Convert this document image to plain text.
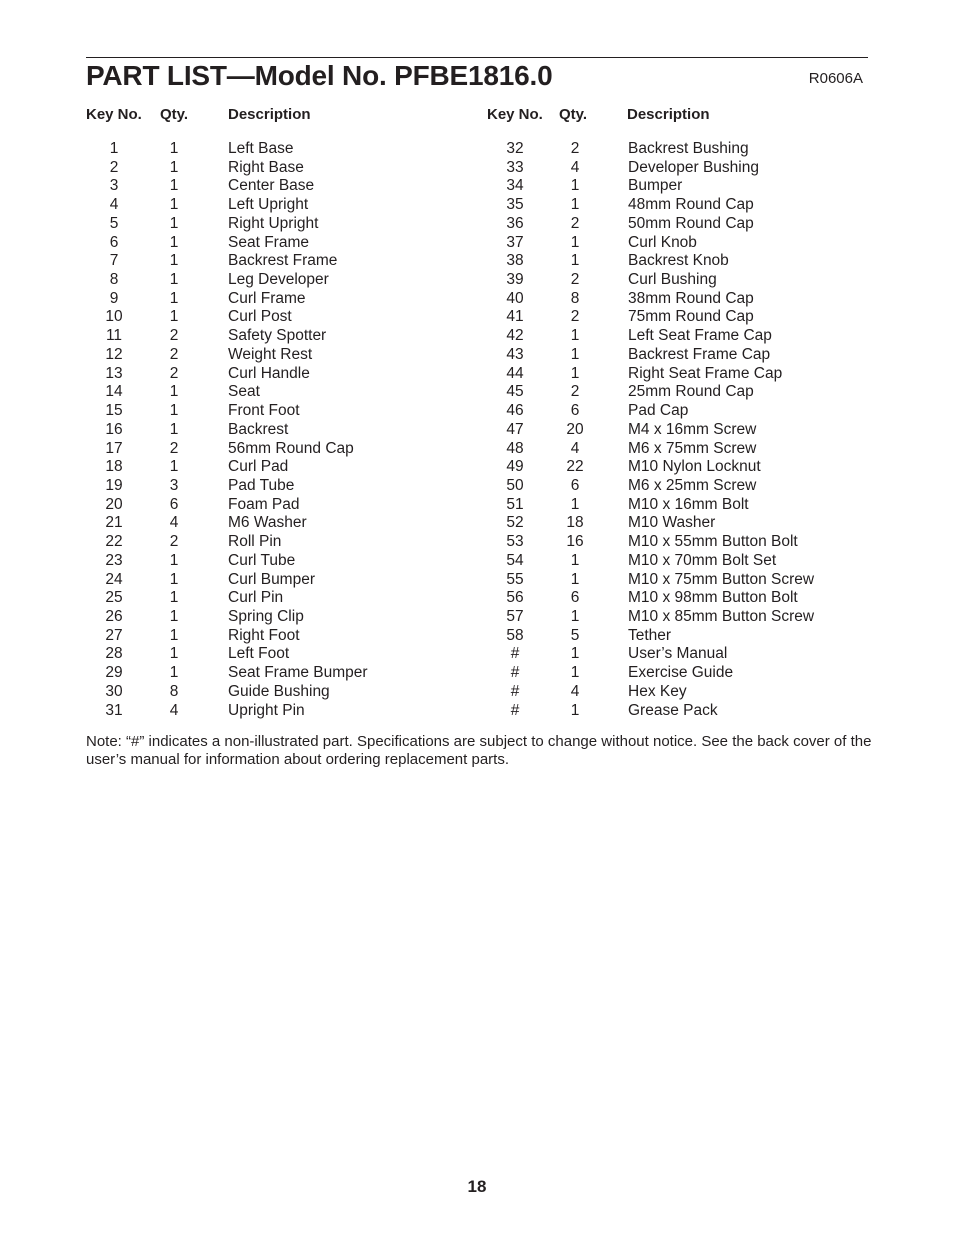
PART LIST—Model No. PFBE1816.0	R0606A
Key No. Qty.	Description	Key No. Qty.	Description
1	1	Left Base
2	1	Right Base
3	1	Center Base
4	1	Left Upright
5	1	Right Upright
6	1	Seat Frame
7	1	Backrest Frame
8	1	Leg Developer
9	1	Curl Frame
10	1	Curl Post
11	2	Safety Spotter
12	2	Weight Rest
13	2	Curl Handle
14	1	Seat
15	1	Front Foot
16	1	Backrest
17	2	56mm Round Cap
18	1	Curl Pad
19	3	Pad Tube
20	6	Foam Pad
21	4	M6 Washer
22	2	Roll Pin
23	1	Curl Tube
24	1	Curl Bumper
25	1	Curl Pin
26	1	Spring Clip
27	1	Right Foot
28	1	Left Foot
29	1	Seat Frame Bumper
30	8	Guide Bushing
31	4	Upright Pin
32	2	Backrest Bushing
33	4	Developer Bushing
34	1	Bumper
35	1	48mm Round Cap
36	2	50mm Round Cap
37	1	Curl Knob
38	1	Backrest Knob
39	2	Curl Bushing
40	8	38mm Round Cap
41	2	75mm Round Cap
42	1	Left Seat Frame Cap
43	1	Backrest Frame Cap
44	1	Right Seat Frame Cap
45	2	25mm Round Cap
46	6	Pad Cap
47	20	M4 x 16mm Screw
48	4	M6 x 75mm Screw
49	22	M10 Nylon Locknut
50	6	M6 x 25mm Screw
51	1	M10 x 16mm Bolt
52	18	M10 Washer
53	16	M10 x 55mm Button Bolt
54	1	M10 x 70mm Bolt Set
55	1	M10 x 75mm Button Screw
56	6	M10 x 98mm Button Bolt
57	1	M10 x 85mm Button Screw
58	5	Tether
#	1	User’s Manual
#	1	Exercise Guide
#	4	Hex Key
#	1	Grease Pack
Note: “#” indicates a non-illustrated part. Specifications are subject to change without notice. See the back cover of the user’s manual for information about ordering replacement parts.
18
